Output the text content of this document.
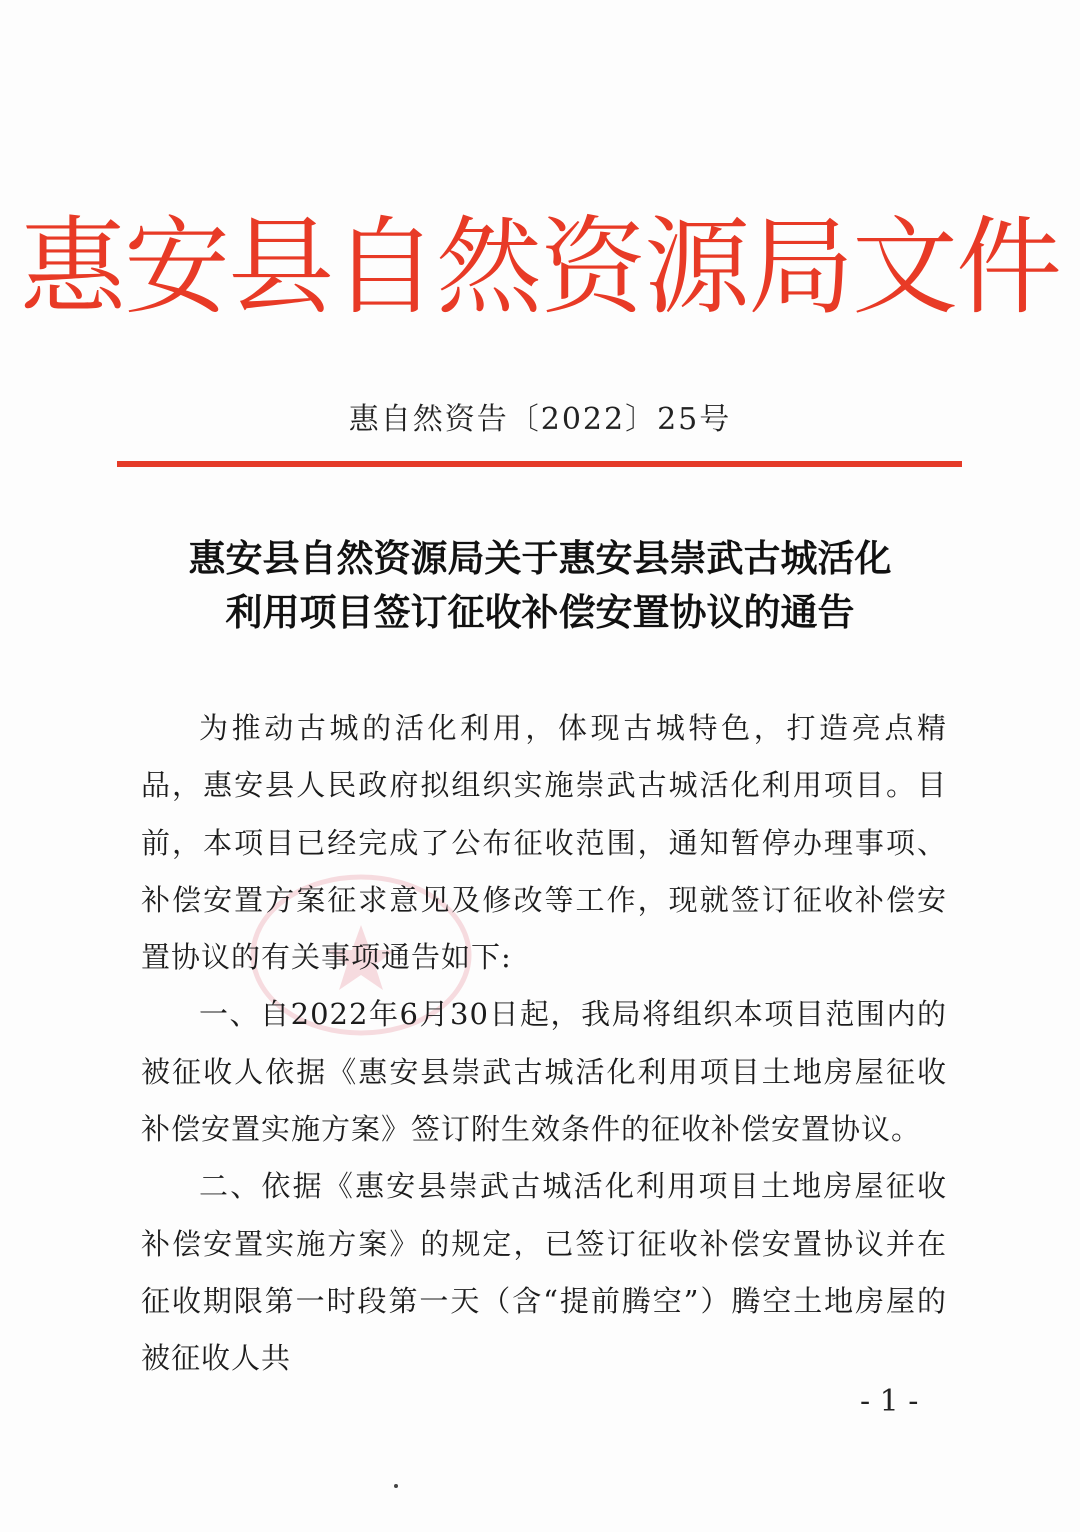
惠安县自然资源局文件
惠自然资告〔2022〕25号
惠安县自然资源局关于惠安县崇武古城活化
利用项目签订征收补偿安置协议的通告

为推动古城的活化利用，体现古城特色，打造亮点精品，惠安县人民政府拟组织实施崇武古城活化利用项目。目前，本项目已经完成了公布征收范围，通知暂停办理事项、补偿安置方案征求意见及修改等工作，现就签订征收补偿安置协议的有关事项通告如下:

一、自2022年6月30日起，我局将组织本项目范围内的被征收人依据《惠安县崇武古城活化利用项目土地房屋征收补偿安置实施方案》签订附生效条件的征收补偿安置协议。

二、依据《惠安县崇武古城活化利用项目土地房屋征收补偿安置实施方案》的规定，已签订征收补偿安置协议并在征收期限第一时段第一天（含“提前腾空”）腾空土地房屋的被征收人共

- 1 -
